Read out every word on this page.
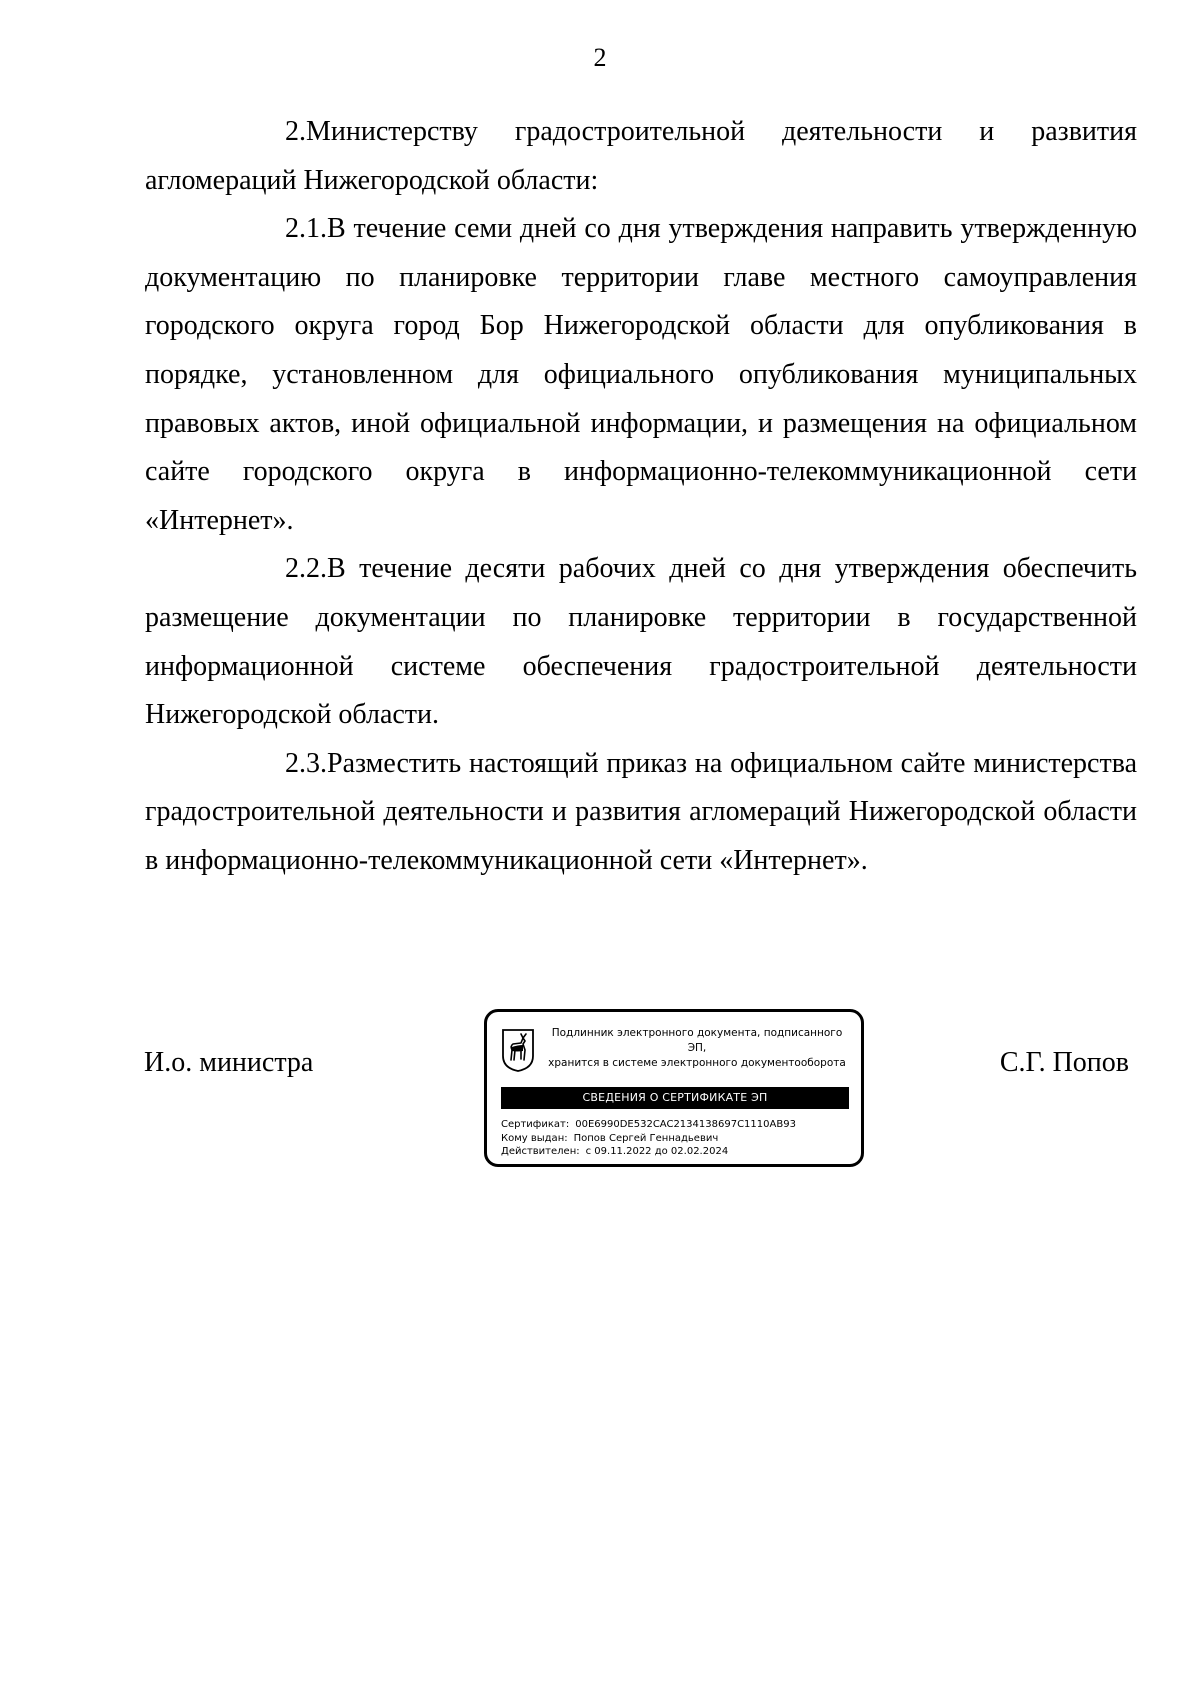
2

2.Министерству градостроительной деятельности и развития агломераций Нижегородской области:

2.1.В течение семи дней со дня утверждения направить утвержденную документацию по планировке территории главе местного самоуправления городского округа город Бор Нижегородской области для опубликования в порядке, установленном для официального опубликования муниципальных правовых актов, иной официальной информации, и размещения на официальном сайте городского округа в информационно-телекоммуникационной сети «Интернет».

2.2.В течение десяти рабочих дней со дня утверждения обеспечить размещение документации по планировке территории в государственной информационной системе обеспечения градостроительной деятельности Нижегородской области.

2.3.Разместить настоящий приказ на официальном сайте министерства градостроительной деятельности и развития агломераций Нижегородской области в информационно-телекоммуникационной сети «Интернет».

И.о. министра
Подлинник электронного документа, подписанного ЭП,
хранится в системе электронного документооборота
СВЕДЕНИЯ О СЕРТИФИКАТЕ ЭП
Сертификат: 00E6990DE532CAC2134138697C1110AB93
Кому выдан: Попов Сергей Геннадьевич
Действителен: с 09.11.2022 до 02.02.2024
С.Г. Попов
